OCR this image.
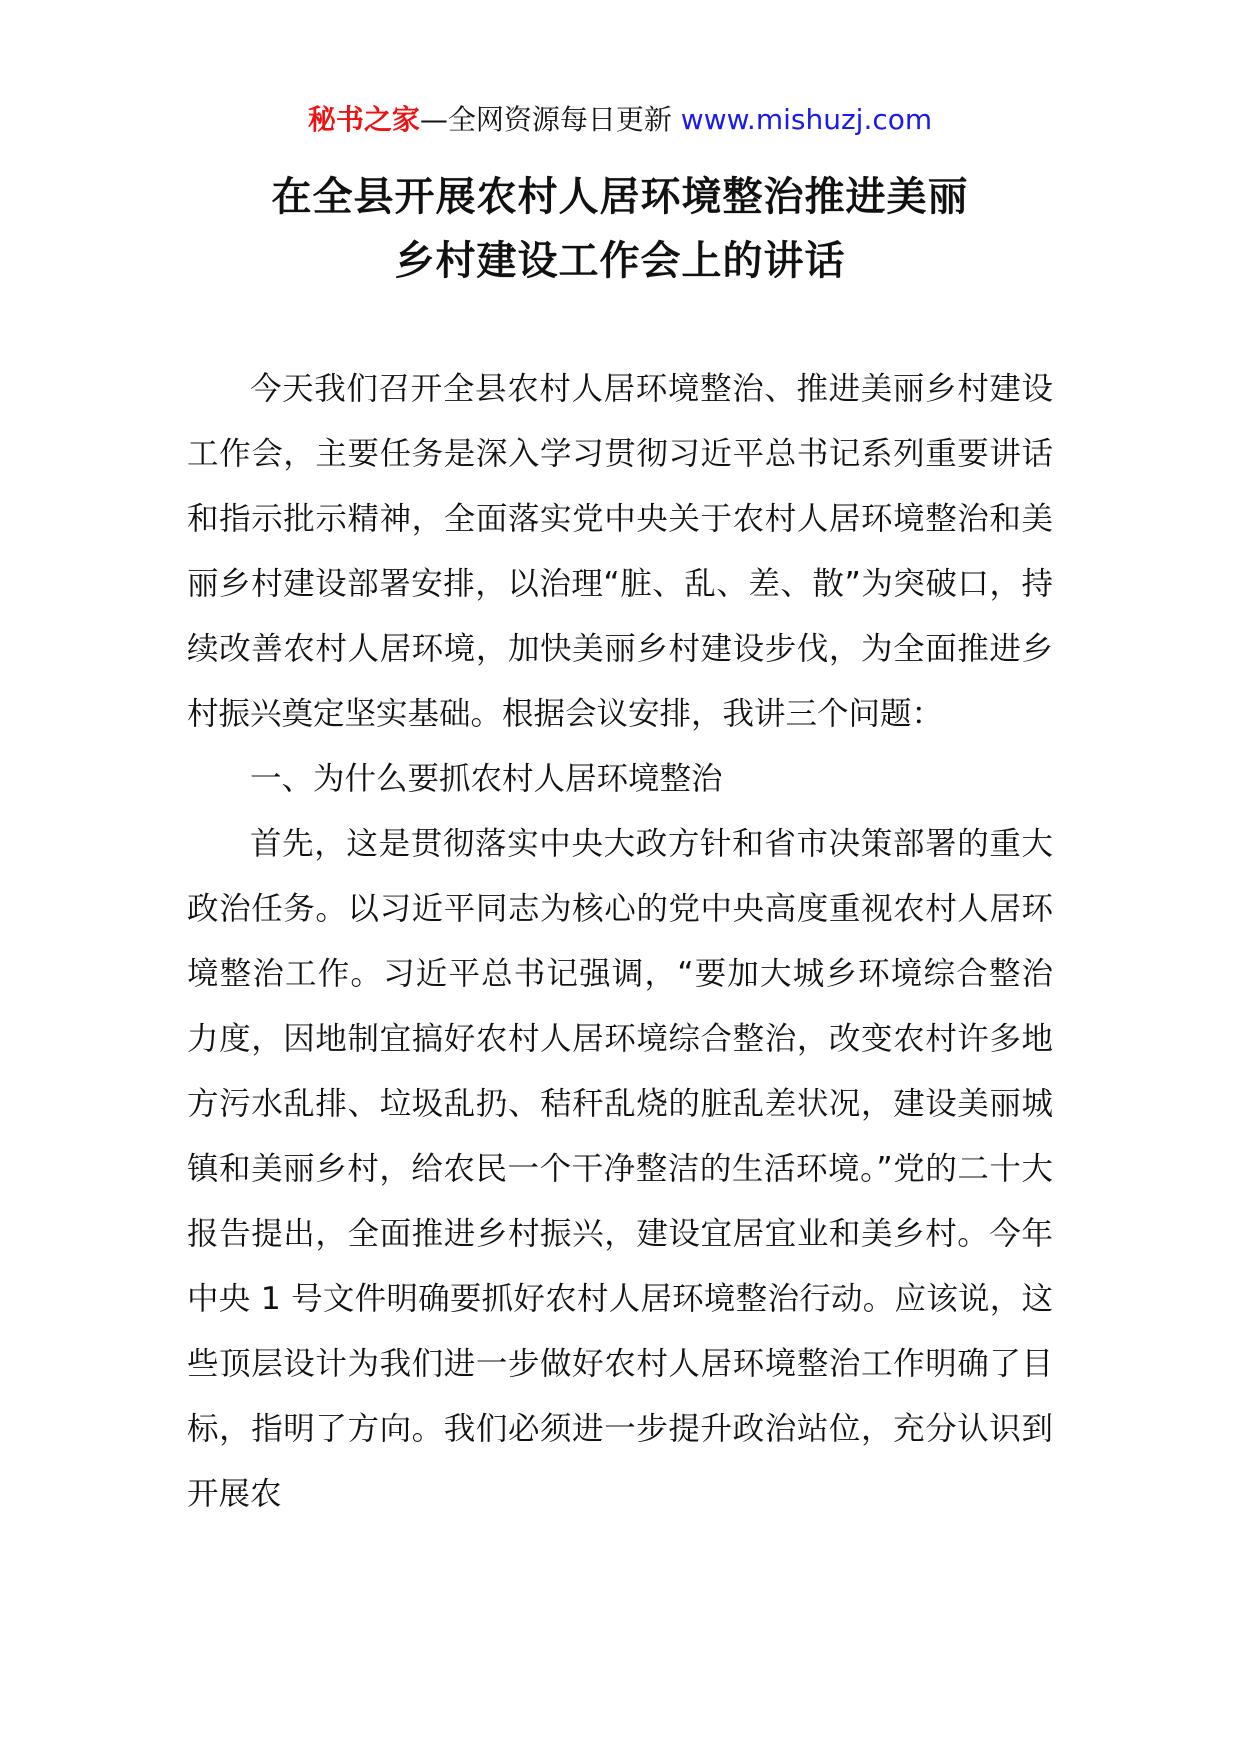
秘书之家—全网资源每日更新 www.mishuzj.com
在全县开展农村人居环境整治推进美丽
乡村建设工作会上的讲话

今天我们召开全县农村人居环境整治、推进美丽乡村建设工作会，主要任务是深入学习贯彻习近平总书记系列重要讲话和指示批示精神，全面落实党中央关于农村人居环境整治和美丽乡村建设部署安排，以治理“脏、乱、差、散”为突破口，持续改善农村人居环境，加快美丽乡村建设步伐，为全面推进乡村振兴奠定坚实基础。根据会议安排，我讲三个问题：

一、为什么要抓农村人居环境整治

首先，这是贯彻落实中央大政方针和省市决策部署的重大政治任务。以习近平同志为核心的党中央高度重视农村人居环境整治工作。习近平总书记强调，“要加大城乡环境综合整治力度，因地制宜搞好农村人居环境综合整治，改变农村许多地方污水乱排、垃圾乱扔、秸秆乱烧的脏乱差状况，建设美丽城镇和美丽乡村，给农民一个干净整洁的生活环境。”党的二十大报告提出，全面推进乡村振兴，建设宜居宜业和美乡村。今年中央 1 号文件明确要抓好农村人居环境整治行动。应该说，这些顶层设计为我们进一步做好农村人居环境整治工作明确了目标，指明了方向。我们必须进一步提升政治站位，充分认识到开展农
